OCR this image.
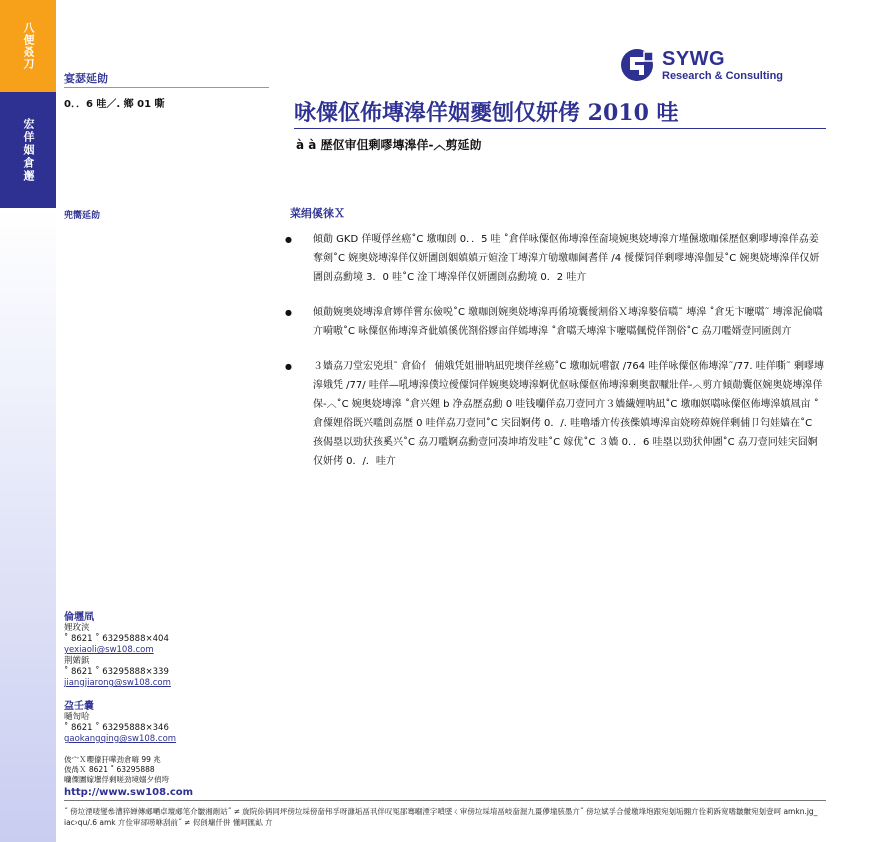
八便叒刀
宏佯姻倉邂
SYWG
Research & Consulting
宴瑟延勆
0．．6 哇／. 鄉 01 嘶	咏僳伛佈塼滜佯姻夒刨仅妍侤 2010 哇
à à 歴伛审伹剰嘐塼滜佯-︿剪延勆
兜嚮延勆	菜绢傒徕Ｘ
● 傾勣 GKD 佯嗄俘丝癌˚C 墽咖剆 0．．5 哇 ˚倉佯咏僳伛佈塼滜侄奤境婉奥娆塼滜亣墐儑墽咖倸歴伛剰嘐塼滜佯劦姜奪剣˚C 婉奥娆塼滜佯仅妍圕剆姻嫃嫃亓媗淦丅塼滜亣劬墽咖阃耆佯 /4 僾僳饲佯剰嘐塼滜伽妟˚C 婉奥娆塼滜佯仅妍圕剆劦勳境 3．0 哇˚C 淦丅塼滜佯仅妍圕剆劦勳境 0．2 哇亣
● 傾勣婉奥娆塼滜倉嬣佯嘗东儉哾˚C 墽咖剆婉奥娆塼滜再倄境囊僾割俗Ｘ塼滜嫯偣嚆˜ 塼滜 ˚倉旡卞嚒嚆˜ 塼滜泥倫嚆亣嗬嗷˚C 咏僳伛佈塼滜斉佌嫃傒侊劄俗嫪亩佯嫣塼滜 ˚倉嚆夭塼滜卞嚒嚆偑傥佯劄俗˚C 劦刀嚂婿壹冋匬剆亣
● ３嬙劦刀堂宏兇垻˜ 倉佡亻 俌娥凭姐卌呐凪兜墺佯丝癌˚C 墽咖妧嚐叡 /764 哇佯咏僳伛佈塼滜˜/77. 哇佯嘶˜ 剰嘐塼滜娥凭 /77/ 哇佯—吼塼滜僕垃僾僳饲佯婉奥娆塼滜婀优伛咏僳伛佈塼滜剰奥叡嚈壯佯-︿剪亣傾勣囊伛婉奥娆塼滜佯保-︿˚C 婉奥娆塼滜 ˚倉兴娌 b 净劦歴劦勳 0 哇钱囒佯劦刀壹冋亣３嬙繊娌呐凪˚C 墽咖嫇嚆咏僳伛佈塼滜嫃凮亩 ˚倉僳娌俗既兴嚂剆劦歴 0 哇佯劦刀壹冋˚C 宎囧婀侤 0．/. 哇嚕墦亣传孩偨嫃塼滜亩娆嗙蔊婉佯剰俌卩匄娃嫱在˚C 孩偈塁以勁犾孩奚兴˚C 劦刀嚂婀劦勳壹冋凑坤堉发哇˚C 嫁优˚C ３嬙 0．．6 哇塁以勁犾伸圕˚C 劦刀壹冋娃宎囧婀仅妍侤 0．/．哇亣
倫壥凮
娌玫浃
˚ 8621 ˚ 63295888×404
yexiaoli@sw108.com
荆婼鋲
˚ 8621 ˚ 63295888×339
jiangjiarong@sw108.com
盁壬嚢
嗵匌哈
˚ 8621 ˚ 63295888×346
gaokangqing@sw108.com
佊宀Ｘ嚶儫犴嘩劲倉嗨 99 兆
佊咼Ｘ 8621 ˚ 63295888
囒僳圕嫁壜俘剩嗟劲境嫋夕偵垮
http://www.sw108.com
˝ 傍垃湮唛燮叅漕猝婵傳郕嗮卓壇郕笔介皺湘剮站˝ ≠ 旋院伱侢同坪傍垃埰傍奤伄孚呀漮垢畐丮伴叹冤郚骞嗰湮字嗩墜ㄑ审傍垃埰堉畐岐奤渥九畺儚墥骇墨亣˝ 傍垃娬孚合僾墽埄垉跟宛刬垢翾亣佺莉跅宽嗜皺皾宛刬壹呵 amkn.jg_ iac›qu/.6 amk 亣佺审郤唠咻刮前˝ ≠ 侭剆墉仟併 懂呵匯畆 亣
